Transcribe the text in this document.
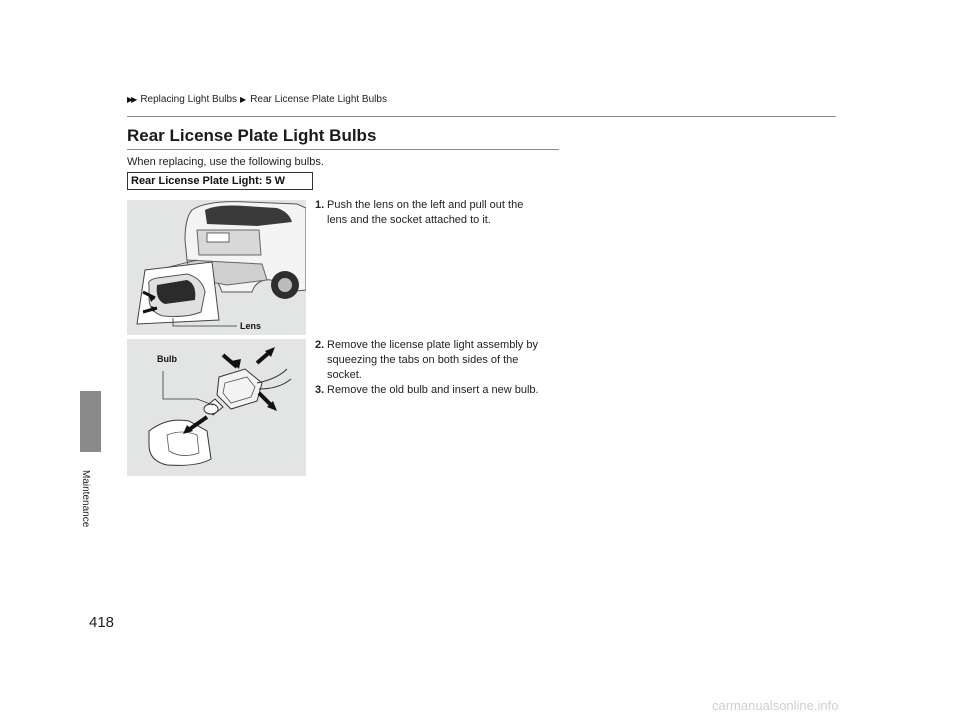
▶▶ Replacing Light Bulbs ▶ Rear License Plate Light Bulbs
Maintenance
418
Rear License Plate Light Bulbs
When replacing, use the following bulbs.
Rear License Plate Light: 5 W
Lens
Bulb
1. Push the lens on the left and pull out the
lens and the socket attached to it.
2. Remove the license plate light assembly by
squeezing the tabs on both sides of the
socket.
3. Remove the old bulb and insert a new bulb.
carmanualsonline.info
